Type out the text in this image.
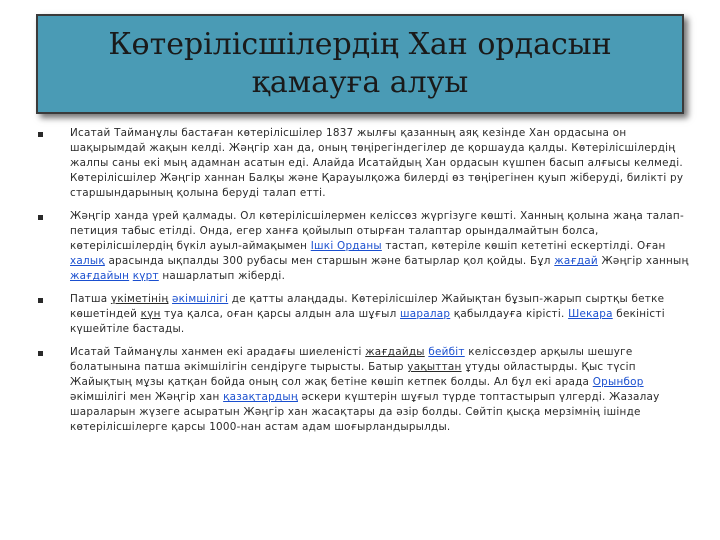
Көтерілісшілердің Хан ордасын қамауға алуы
Исатай Тайманұлы бастаған көтерілісшілер 1837 жылғы қазанның аяқ кезінде Хан ордасына он шақырымдай жақын келді. Жәңгір хан да, оның төңірегіндегілер де қоршауда қалды. Көтерілісшілердің жалпы саны екі мың адамнан асатын еді. Алайда Исатайдың Хан ордасын күшпен басып алғысы келмеді. Көтерілісшілер Жәңгір ханнан Балқы және Қарауылқожа билерді өз төңірегінен қуып жіберуді, билікті ру старшындарының қолына беруді талап етті.
Жәңгір ханда үрей қалмады. Ол көтерілісшілермен келіссөз жүргізуге көшті. Ханның қолына жаңа талап-петиция табыс етілді. Онда, егер ханға қойылып отырған талаптар орындалмайтын болса, көтерілісшілердің бүкіл ауыл-аймақымен Ішкі Орданы тастап, көтеріле көшіп кететіні ескертілді. Оған халық арасында ықпалды 300 рубасы мен старшын және батырлар қол қойды. Бұл жағдай Жәңгір ханның жағдайын күрт нашарлатып жіберді.
Патша үкіметінің әкімшілігі де қатты алаңдады. Көтерілісшілер Жайықтан бұзып-жарып сыртқы бетке көшетіндей күн туа қалса, оған қарсы алдын ала шұғыл шаралар қабылдауға кірісті. Шекара бекіністі күшейтіле бастады.
Исатай Тайманұлы ханмен екі арадағы шиеленісті жағдайды бейбіт келіссөздер арқылы шешуге болатынына патша әкімшілігін сендіруге тырысты. Батыр уақыттан ұтуды ойластырды. Қыс түсіп Жайықтың мұзы қатқан бойда оның сол жақ бетіне көшіп кетпек болды. Ал бұл екі арада Орынбор әкімшілігі мен Жәңгір хан қазақтардың әскери күштерін шұғыл түрде топтастырып үлгерді. Жазалау шараларын жүзеге асыратын Жәңгір хан жасақтары да әзір болды. Сөйтіп қысқа мерзімнің ішінде көтерілісшілерге қарсы 1000-нан астам адам шоғырландырылды.
